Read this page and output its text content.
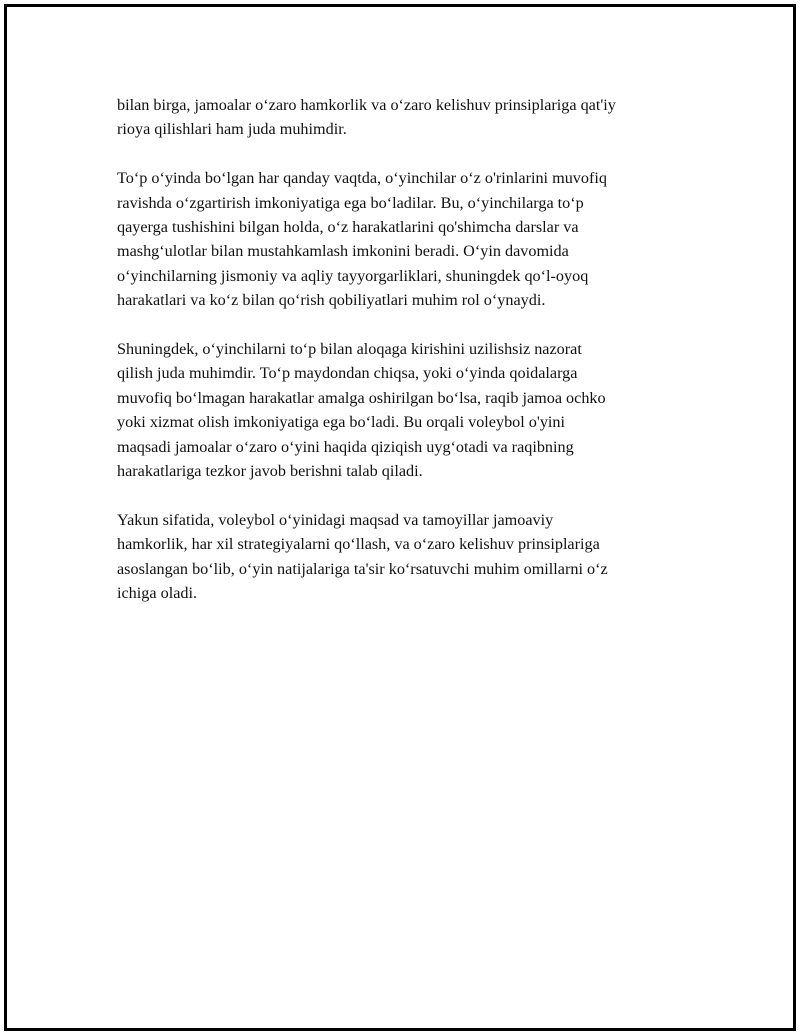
bilan birga, jamoalar o‘zaro hamkorlik va o‘zaro kelishuv prinsiplariga qat'iy
rioya qilishlari ham juda muhimdir.

To‘p o‘yinda bo‘lgan har qanday vaqtda, o‘yinchilar o‘z o'rinlarini muvofiq
ravishda o‘zgartirish imkoniyatiga ega bo‘ladilar. Bu, o‘yinchilarga to‘p
qayerga tushishini bilgan holda, o‘z harakatlarini qo'shimcha darslar va
mashg‘ulotlar bilan mustahkamlash imkonini beradi. O‘yin davomida
o‘yinchilarning jismoniy va aqliy tayyorgarliklari, shuningdek qo‘l-oyoq
harakatlari va ko‘z bilan qo‘rish qobiliyatlari muhim rol o‘ynaydi.

Shuningdek, o‘yinchilarni to‘p bilan aloqaga kirishini uzilishsiz nazorat
qilish juda muhimdir. To‘p maydondan chiqsa, yoki o‘yinda qoidalarga
muvofiq bo‘lmagan harakatlar amalga oshirilgan bo‘lsa, raqib jamoa ochko
yoki xizmat olish imkoniyatiga ega bo‘ladi. Bu orqali voleybol o'yini
maqsadi jamoalar o‘zaro o‘yini haqida qiziqish uyg‘otadi va raqibning
harakatlariga tezkor javob berishni talab qiladi.

Yakun sifatida, voleybol o‘yinidagi maqsad va tamoyillar jamoaviy
hamkorlik, har xil strategiyalarni qo‘llash, va o‘zaro kelishuv prinsiplariga
asoslangan bo‘lib, o‘yin natijalariga ta'sir ko‘rsatuvchi muhim omillarni o‘z
ichiga oladi.
